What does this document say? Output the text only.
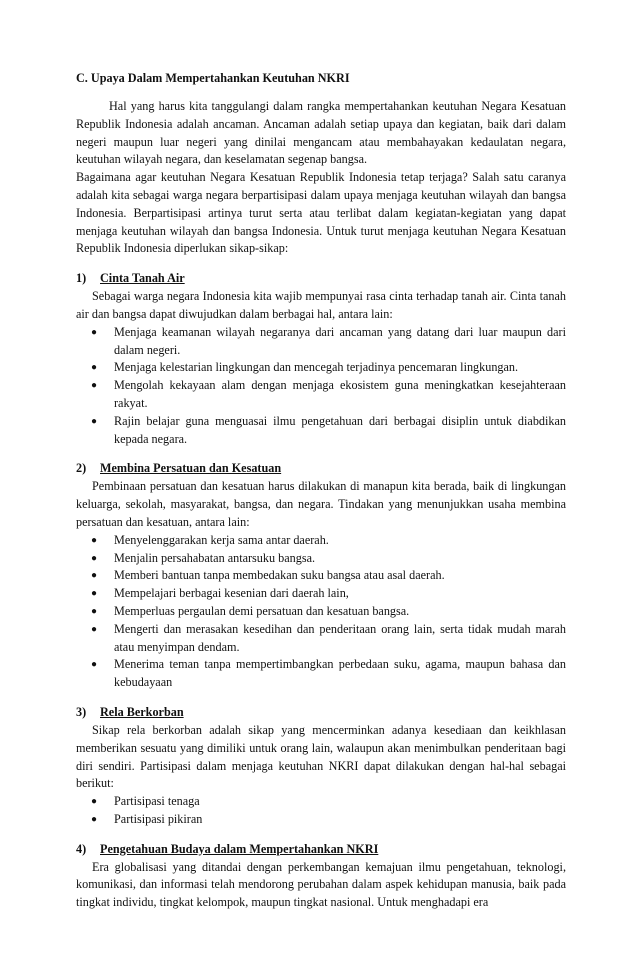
C. Upaya Dalam Mempertahankan Keutuhan NKRI

Hal yang harus kita tanggulangi dalam rangka mempertahankan keutuhan Negara Kesatuan Republik Indonesia adalah ancaman. Ancaman adalah setiap upaya dan kegiatan, baik dari dalam negeri maupun luar negeri yang dinilai mengancam atau membahayakan kedaulatan negara, keutuhan wilayah negara, dan keselamatan segenap bangsa.

Bagaimana agar keutuhan Negara Kesatuan Republik Indonesia tetap terjaga? Salah satu caranya adalah kita sebagai warga negara berpartisipasi dalam upaya menjaga keutuhan wilayah dan bangsa Indonesia. Berpartisipasi artinya turut serta atau terlibat dalam kegiatan-kegiatan yang dapat menjaga keutuhan wilayah dan bangsa Indonesia. Untuk turut menjaga keutuhan Negara Kesatuan Republik Indonesia diperlukan sikap-sikap:

1)	Cinta Tanah Air

Sebagai warga negara Indonesia kita wajib mempunyai rasa cinta terhadap tanah air. Cinta tanah air dan bangsa dapat diwujudkan dalam berbagai hal, antara lain:

●	Menjaga keamanan wilayah negaranya dari ancaman yang datang dari luar maupun dari dalam negeri.
●	Menjaga kelestarian lingkungan dan mencegah terjadinya pencemaran lingkungan.
●	Mengolah kekayaan alam dengan menjaga ekosistem guna meningkatkan kesejahteraan rakyat.
●	Rajin belajar guna menguasai ilmu pengetahuan dari berbagai disiplin untuk diabdikan kepada negara.
2)	Membina Persatuan dan Kesatuan

Pembinaan persatuan dan kesatuan harus dilakukan di manapun kita berada, baik di lingkungan keluarga, sekolah, masyarakat, bangsa, dan negara. Tindakan yang menunjukkan usaha membina persatuan dan kesatuan, antara lain:

●	Menyelenggarakan kerja sama antar daerah.
●	Menjalin persahabatan antarsuku bangsa.
●	Memberi bantuan tanpa membedakan suku bangsa atau asal daerah.
●	Mempelajari berbagai kesenian dari daerah lain,
●	Memperluas pergaulan demi persatuan dan kesatuan bangsa.
●	Mengerti dan merasakan kesedihan dan penderitaan orang lain, serta tidak mudah marah atau menyimpan dendam.
●	Menerima teman tanpa mempertimbangkan perbedaan suku, agama, maupun bahasa dan kebudayaan
3)	Rela Berkorban

Sikap rela berkorban adalah sikap yang mencerminkan adanya kesediaan dan keikhlasan memberikan sesuatu yang dimiliki untuk orang lain, walaupun akan menimbulkan penderitaan bagi diri sendiri. Partisipasi dalam menjaga keutuhan NKRI dapat dilakukan dengan hal-hal sebagai berikut:

●	Partisipasi tenaga
●	Partisipasi pikiran
4)	Pengetahuan Budaya dalam Mempertahankan NKRI

Era globalisasi yang ditandai dengan perkembangan kemajuan ilmu pengetahuan, teknologi, komunikasi, dan informasi telah mendorong perubahan dalam aspek kehidupan manusia, baik pada tingkat individu, tingkat kelompok, maupun tingkat nasional. Untuk menghadapi era
